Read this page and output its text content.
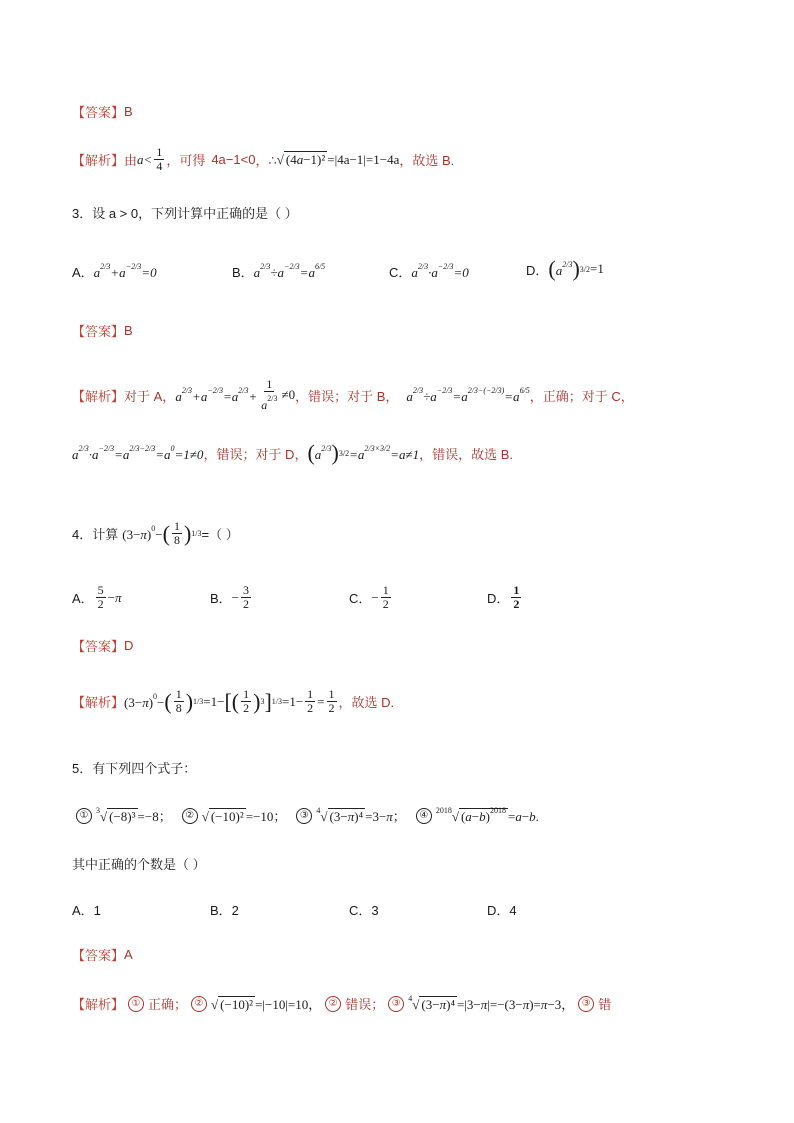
【答案】 B
【解析】 由 $a< \frac{1}{4}$ ，可得 4a−1<0 ，∴ √ (4a−1)² =|4a−1|=1−4a ，故选 B.
3．设 a > 0，下列计算中正确的是（ ）
A． $a^{2/3}+a^{-2/3}=0$	B． $a^{2/3}\div a^{-2/3}=a^{6/5}$	C． $a^{2/3}\cdot a^{-2/3}=0$	D． ( $a^{2/3}$ ) 3/2 =1
【答案】 B
【解析】 对于 A， $a^{2/3}+a^{-2/3}=a^{2/3}+ \frac{1}{a^{2/3}} \ne 0$ ，错误；对于 B， $a^{2/3}\div a^{-2/3}=a^{2/3-(-2/3)}=a^{6/5}$ ，正确；对于 C，
$a^{2/3}\cdot a^{-2/3}=a^{2/3-2/3}=a^0=1\ne 0$ ，错误；对于 D， ( $a^{2/3}$ ) $3/2 =a^{2/3\times 3/2}=a\ne 1$ ，错误，故选 B.
4．计算 $(3-\pi)^0-$ ( $\frac{1}{8}$ ) 1/3 =（ ）
A． $\frac{5}{2} -\pi$	B． − $\frac{3}{2}$	C． − $\frac{1}{2}$	D． $\frac{1}{2}$
【答案】 D
【解析】 $(3-\pi)^0-$ ( $\frac{1}{8}$ ) 1/3 =1− [ ( $\frac{1}{2}$ ) 3 ] $1/3 =1- \frac{1}{2} = \frac{1}{2}$ ，故选 D.
5．有下列四个式子：
① $^3$√ (−8)³ =−8；	② √ (−10)² =−10；	③ $^4$√ (3−π)⁴ =3−π；	④ $^{2018}$√ $(a-b)^{2018} =a-b$.
其中正确的个数是（ ）
A．1	B．2	C．3	D．4
【答案】 A
【解析】 ① 正确； ② √ (−10)² =|−10|=10， ② 错误； ③ $^4$√ (3−π)⁴ =|3−π|=−(3−π)=π−3， ③ 错
